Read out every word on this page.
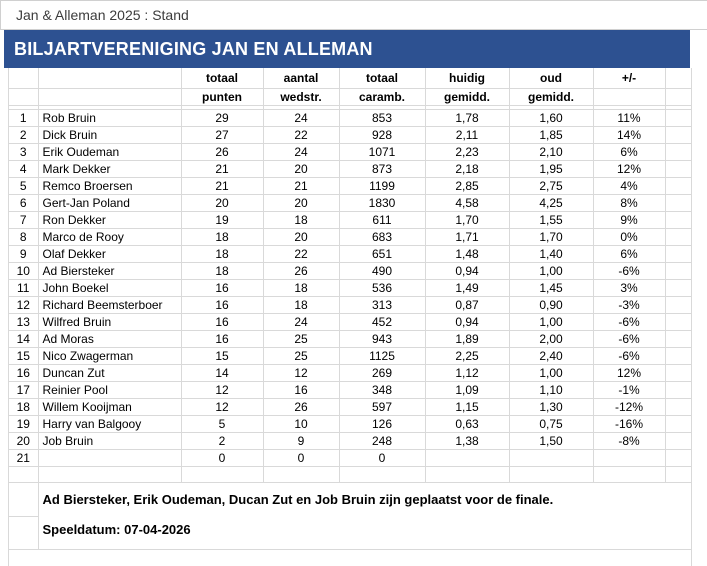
Jan & Alleman 2025 : Stand
BILJARTVERENIGING JAN EN ALLEMAN
		totaal	aantal	totaal	huidig	oud	+/-	
		punten	wedstr.	caramb.	gemidd.	gemidd.		

1	Rob Bruin	29	24	853	1,78	1,60	11%	
2	Dick Bruin	27	22	928	2,11	1,85	14%	
3	Erik Oudeman	26	24	1071	2,23	2,10	6%	
4	Mark Dekker	21	20	873	2,18	1,95	12%	
5	Remco Broersen	21	21	1199	2,85	2,75	4%	
6	Gert-Jan Poland	20	20	1830	4,58	4,25	8%	
7	Ron Dekker	19	18	611	1,70	1,55	9%	
8	Marco de Rooy	18	20	683	1,71	1,70	0%	
9	Olaf Dekker	18	22	651	1,48	1,40	6%	
10	Ad Biersteker	18	26	490	0,94	1,00	-6%	
11	John Boekel	16	18	536	1,49	1,45	3%	
12	Richard Beemsterboer	16	18	313	0,87	0,90	-3%	
13	Wilfred Bruin	16	24	452	0,94	1,00	-6%	
14	Ad Moras	16	25	943	1,89	2,00	-6%	
15	Nico Zwagerman	15	25	1125	2,25	2,40	-6%	
16	Duncan Zut	14	12	269	1,12	1,00	12%	
17	Reinier Pool	12	16	348	1,09	1,10	-1%	
18	Willem Kooijman	12	26	597	1,15	1,30	-12%	
19	Harry van Balgooy	5	10	126	0,63	0,75	-16%	
20	Job Bruin	2	9	248	1,38	1,50	-8%	
21		0	0	0				

	Ad Biersteker, Erik Oudeman, Ducan Zut en Job Bruin zijn geplaatst voor de finale.							
	Speeldatum: 07-04-2026							
